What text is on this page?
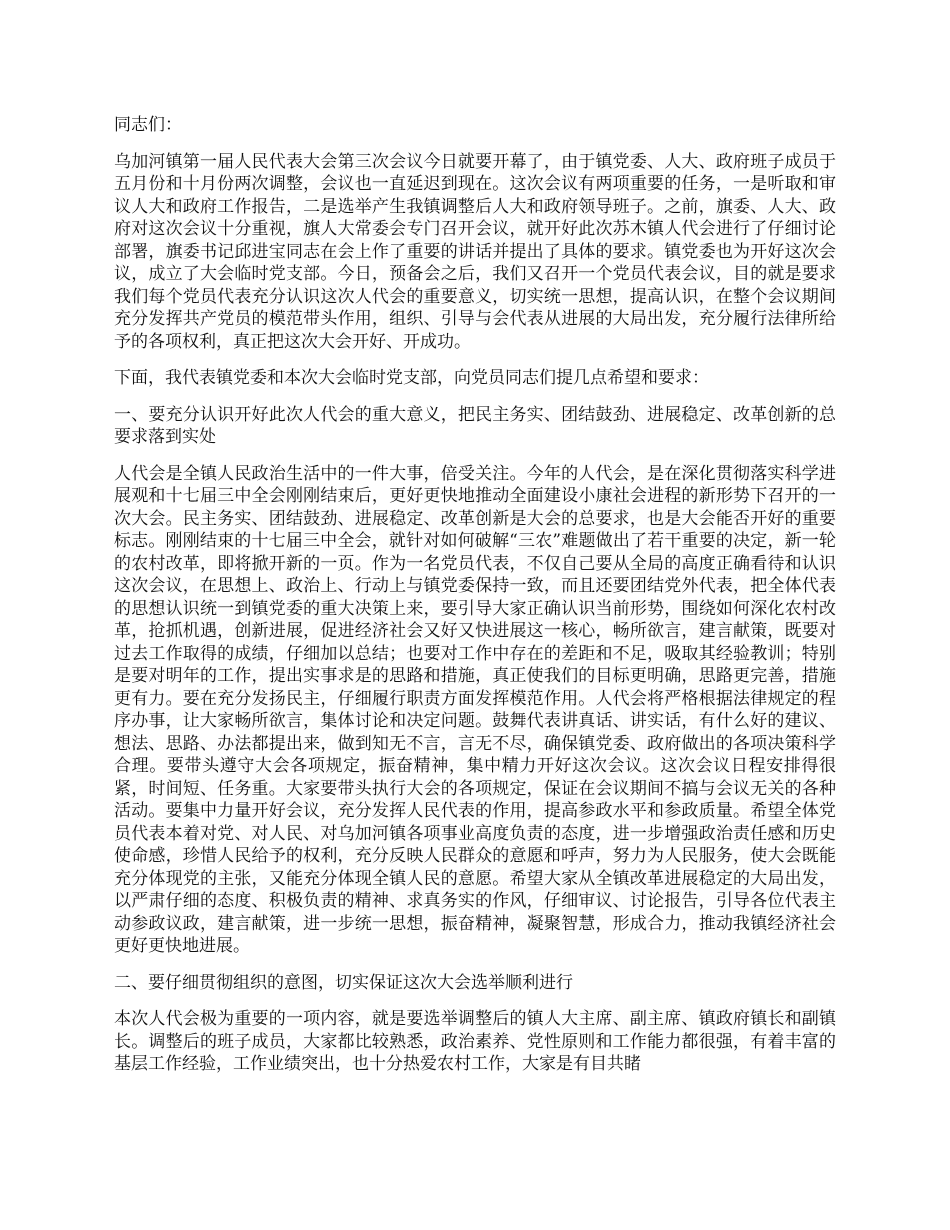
同志们：

乌加河镇第一届人民代表大会第三次会议今日就要开幕了，由于镇党委、人大、政府班子成员于五月份和十月份两次调整，会议也一直延迟到现在。这次会议有两项重要的任务，一是听取和审议人大和政府工作报告，二是选举产生我镇调整后人大和政府领导班子。之前，旗委、人大、政府对这次会议十分重视，旗人大常委会专门召开会议，就开好此次苏木镇人代会进行了仔细讨论部署，旗委书记邱进宝同志在会上作了重要的讲话并提出了具体的要求。镇党委也为开好这次会议，成立了大会临时党支部。今日，预备会之后，我们又召开一个党员代表会议，目的就是要求我们每个党员代表充分认识这次人代会的重要意义，切实统一思想，提高认识，在整个会议期间充分发挥共产党员的模范带头作用，组织、引导与会代表从进展的大局出发，充分履行法律所给予的各项权利，真正把这次大会开好、开成功。

下面，我代表镇党委和本次大会临时党支部，向党员同志们提几点希望和要求：

一、要充分认识开好此次人代会的重大意义，把民主务实、团结鼓劲、进展稳定、改革创新的总要求落到实处

人代会是全镇人民政治生活中的一件大事，倍受关注。今年的人代会，是在深化贯彻落实科学进展观和十七届三中全会刚刚结束后，更好更快地推动全面建设小康社会进程的新形势下召开的一次大会。民主务实、团结鼓劲、进展稳定、改革创新是大会的总要求，也是大会能否开好的重要标志。刚刚结束的十七届三中全会，就针对如何破解“三农”难题做出了若干重要的决定，新一轮的农村改革，即将掀开新的一页。作为一名党员代表，不仅自己要从全局的高度正确看待和认识这次会议，在思想上、政治上、行动上与镇党委保持一致，而且还要团结党外代表，把全体代表的思想认识统一到镇党委的重大决策上来，要引导大家正确认识当前形势，围绕如何深化农村改革，抢抓机遇，创新进展，促进经济社会又好又快进展这一核心，畅所欲言，建言献策，既要对过去工作取得的成绩，仔细加以总结；也要对工作中存在的差距和不足，吸取其经验教训；特别是要对明年的工作，提出实事求是的思路和措施，真正使我们的目标更明确，思路更完善，措施更有力。要在充分发扬民主，仔细履行职责方面发挥模范作用。人代会将严格根据法律规定的程序办事，让大家畅所欲言，集体讨论和决定问题。鼓舞代表讲真话、讲实话，有什么好的建议、想法、思路、办法都提出来，做到知无不言，言无不尽，确保镇党委、政府做出的各项决策科学合理。要带头遵守大会各项规定，振奋精神，集中精力开好这次会议。这次会议日程安排得很紧，时间短、任务重。大家要带头执行大会的各项规定，保证在会议期间不搞与会议无关的各种活动。要集中力量开好会议，充分发挥人民代表的作用，提高参政水平和参政质量。希望全体党员代表本着对党、对人民、对乌加河镇各项事业高度负责的态度，进一步增强政治责任感和历史使命感，珍惜人民给予的权利，充分反映人民群众的意愿和呼声，努力为人民服务，使大会既能充分体现党的主张，又能充分体现全镇人民的意愿。希望大家从全镇改革进展稳定的大局出发，以严肃仔细的态度、积极负责的精神、求真务实的作风，仔细审议、讨论报告，引导各位代表主动参政议政，建言献策，进一步统一思想，振奋精神，凝聚智慧，形成合力，推动我镇经济社会更好更快地进展。

二、要仔细贯彻组织的意图，切实保证这次大会选举顺利进行

本次人代会极为重要的一项内容，就是要选举调整后的镇人大主席、副主席、镇政府镇长和副镇长。调整后的班子成员，大家都比较熟悉，政治素养、党性原则和工作能力都很强，有着丰富的基层工作经验，工作业绩突出，也十分热爱农村工作，大家是有目共睹
